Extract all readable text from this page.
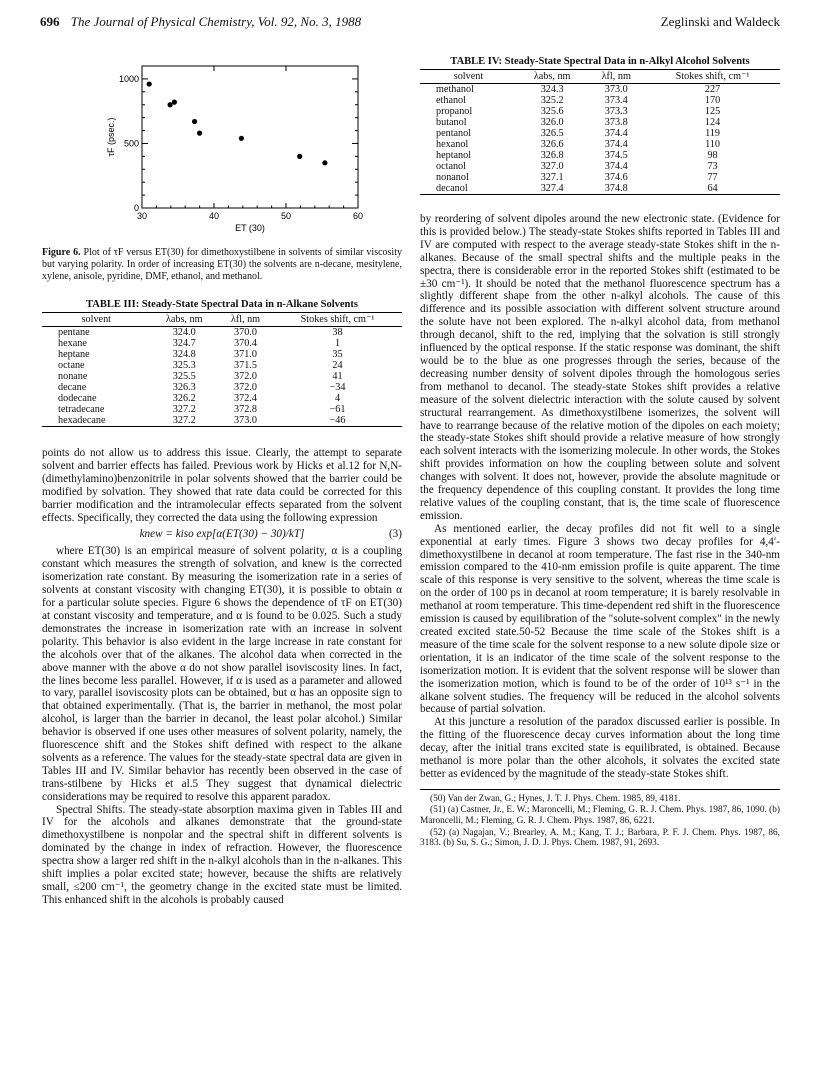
696 The Journal of Physical Chemistry, Vol. 92, No. 3, 1988	Zeglinski and Waldeck
30	40	50	60
0
500
1000
ET (30)
τF (psec.)

Figure 6. Plot of τF versus ET(30) for dimethoxystilbene in solvents of similar viscosity but varying polarity. In order of increasing ET(30) the solvents are n-decane, mesitylene, xylene, anisole, pyridine, DMF, ethanol, and methanol.

TABLE III: Steady-State Spectral Data in n-Alkane Solvents
solvent	λabs, nm	λfl, nm	Stokes shift, cm⁻¹
pentane	324.0	370.0	38
hexane	324.7	370.4	1
heptane	324.8	371.0	35
octane	325.3	371.5	24
nonane	325.5	372.0	41
decane	326.3	372.0	−34
dodecane	326.2	372.4	4
tetradecane	327.2	372.8	−61
hexadecane	327.2	373.0	−46

points do not allow us to address this issue. Clearly, the attempt to separate solvent and barrier effects has failed. Previous work by Hicks et al.12 for N,N-(dimethylamino)benzonitrile in polar solvents showed that the barrier could be modified by solvation. They showed that rate data could be corrected for this barrier modification and the intramolecular effects separated from the solvent effects. Specifically, they corrected the data using the following expression

knew = kiso exp[α(ET(30) − 30)/kT]	(3)

where ET(30) is an empirical measure of solvent polarity, α is a coupling constant which measures the strength of solvation, and knew is the corrected isomerization rate constant. By measuring the isomerization rate in a series of solvents at constant viscosity with changing ET(30), it is possible to obtain α for a particular solute species. Figure 6 shows the dependence of τF on ET(30) at constant viscosity and temperature, and α is found to be 0.025. Such a study demonstrates the increase in isomerization rate with an increase in solvent polarity. This behavior is also evident in the large increase in rate constant for the alcohols over that of the alkanes. The alcohol data when corrected in the above manner with the above α do not show parallel isoviscosity lines. In fact, the lines become less parallel. However, if α is used as a parameter and allowed to vary, parallel isoviscosity plots can be obtained, but α has an opposite sign to that obtained experimentally. (That is, the barrier in methanol, the most polar alcohol, is larger than the barrier in decanol, the least polar alcohol.) Similar behavior is observed if one uses other measures of solvent polarity, namely, the fluorescence shift and the Stokes shift defined with respect to the alkane solvents as a reference. The values for the steady-state spectral data are given in Tables III and IV. Similar behavior has recently been observed in the case of trans-stilbene by Hicks et al.5 They suggest that dynamical dielectric considerations may be required to resolve this apparent paradox.

Spectral Shifts. The steady-state absorption maxima given in Tables III and IV for the alcohols and alkanes demonstrate that the ground-state dimethoxystilbene is nonpolar and the spectral shift in different solvents is dominated by the change in index of refraction. However, the fluorescence spectra show a larger red shift in the n-alkyl alcohols than in the n-alkanes. This shift implies a polar excited state; however, because the shifts are relatively small, ≤200 cm⁻¹, the geometry change in the excited state must be limited. This enhanced shift in the alcohols is probably caused

TABLE IV: Steady-State Spectral Data in n-Alkyl Alcohol Solvents
solvent	λabs, nm	λfl, nm	Stokes shift, cm⁻¹
methanol	324.3	373.0	227
ethanol	325.2	373.4	170
propanol	325.6	373.3	125
butanol	326.0	373.8	124
pentanol	326.5	374.4	119
hexanol	326.6	374.4	110
heptanol	326.8	374.5	98
octanol	327.0	374.4	73
nonanol	327.1	374.6	77
decanol	327.4	374.8	64

by reordering of solvent dipoles around the new electronic state. (Evidence for this is provided below.) The steady-state Stokes shifts reported in Tables III and IV are computed with respect to the average steady-state Stokes shift in the n-alkanes. Because of the small spectral shifts and the multiple peaks in the spectra, there is considerable error in the reported Stokes shift (estimated to be ±30 cm⁻¹). It should be noted that the methanol fluorescence spectrum has a slightly different shape from the other n-alkyl alcohols. The cause of this difference and its possible association with different solvent structure around the solute have not been explored. The n-alkyl alcohol data, from methanol through decanol, shift to the red, implying that the solvation is still strongly influenced by the optical response. If the static response was dominant, the shift would be to the blue as one progresses through the series, because of the decreasing number density of solvent dipoles through the homologous series from methanol to decanol. The steady-state Stokes shift provides a relative measure of the solvent dielectric interaction with the solute caused by solvent structural rearrangement. As dimethoxystilbene isomerizes, the solvent will have to rearrange because of the relative motion of the dipoles on each moiety; the steady-state Stokes shift should provide a relative measure of how strongly each solvent interacts with the isomerizing molecule. In other words, the Stokes shift provides information on how the coupling between solute and solvent changes with solvent. It does not, however, provide the absolute magnitude or the frequency dependence of this coupling constant. It provides the long time relative values of the coupling constant, that is, the time scale of fluorescence emission.

As mentioned earlier, the decay profiles did not fit well to a single exponential at early times. Figure 3 shows two decay profiles for 4,4′-dimethoxystilbene in decanol at room temperature. The fast rise in the 340-nm emission compared to the 410-nm emission profile is quite apparent. The time scale of this response is very sensitive to the solvent, whereas the time scale is on the order of 100 ps in decanol at room temperature; it is barely resolvable in methanol at room temperature. This time-dependent red shift in the fluorescence emission is caused by equilibration of the "solute-solvent complex" in the newly created excited state.50-52 Because the time scale of the Stokes shift is a measure of the time scale for the solvent response to a new solute dipole size or orientation, it is an indicator of the time scale of the solvent response to the isomerization motion. It is evident that the solvent response will be slower than the isomerization motion, which is found to be of the order of 10¹³ s⁻¹ in the alkane solvent studies. The frequency will be reduced in the alcohol solvents because of partial solvation.

At this juncture a resolution of the paradox discussed earlier is possible. In the fitting of the fluorescence decay curves information about the long time decay, after the initial trans excited state is equilibrated, is obtained. Because methanol is more polar than the other alcohols, it solvates the excited state better as evidenced by the magnitude of the steady-state Stokes shift.

(50) Van der Zwan, G.; Hynes, J. T. J. Phys. Chem. 1985, 89, 4181.

(51) (a) Castner, Jr., E. W.; Maroncelli, M.; Fleming, G. R. J. Chem. Phys. 1987, 86, 1090. (b) Maroncelli, M.; Fleming, G. R. J. Chem. Phys. 1987, 86, 6221.

(52) (a) Nagajan, V.; Brearley, A. M.; Kang, T. J.; Barbara, P. F. J. Chem. Phys. 1987, 86, 3183. (b) Su, S. G.; Simon, J. D. J. Phys. Chem. 1987, 91, 2693.
